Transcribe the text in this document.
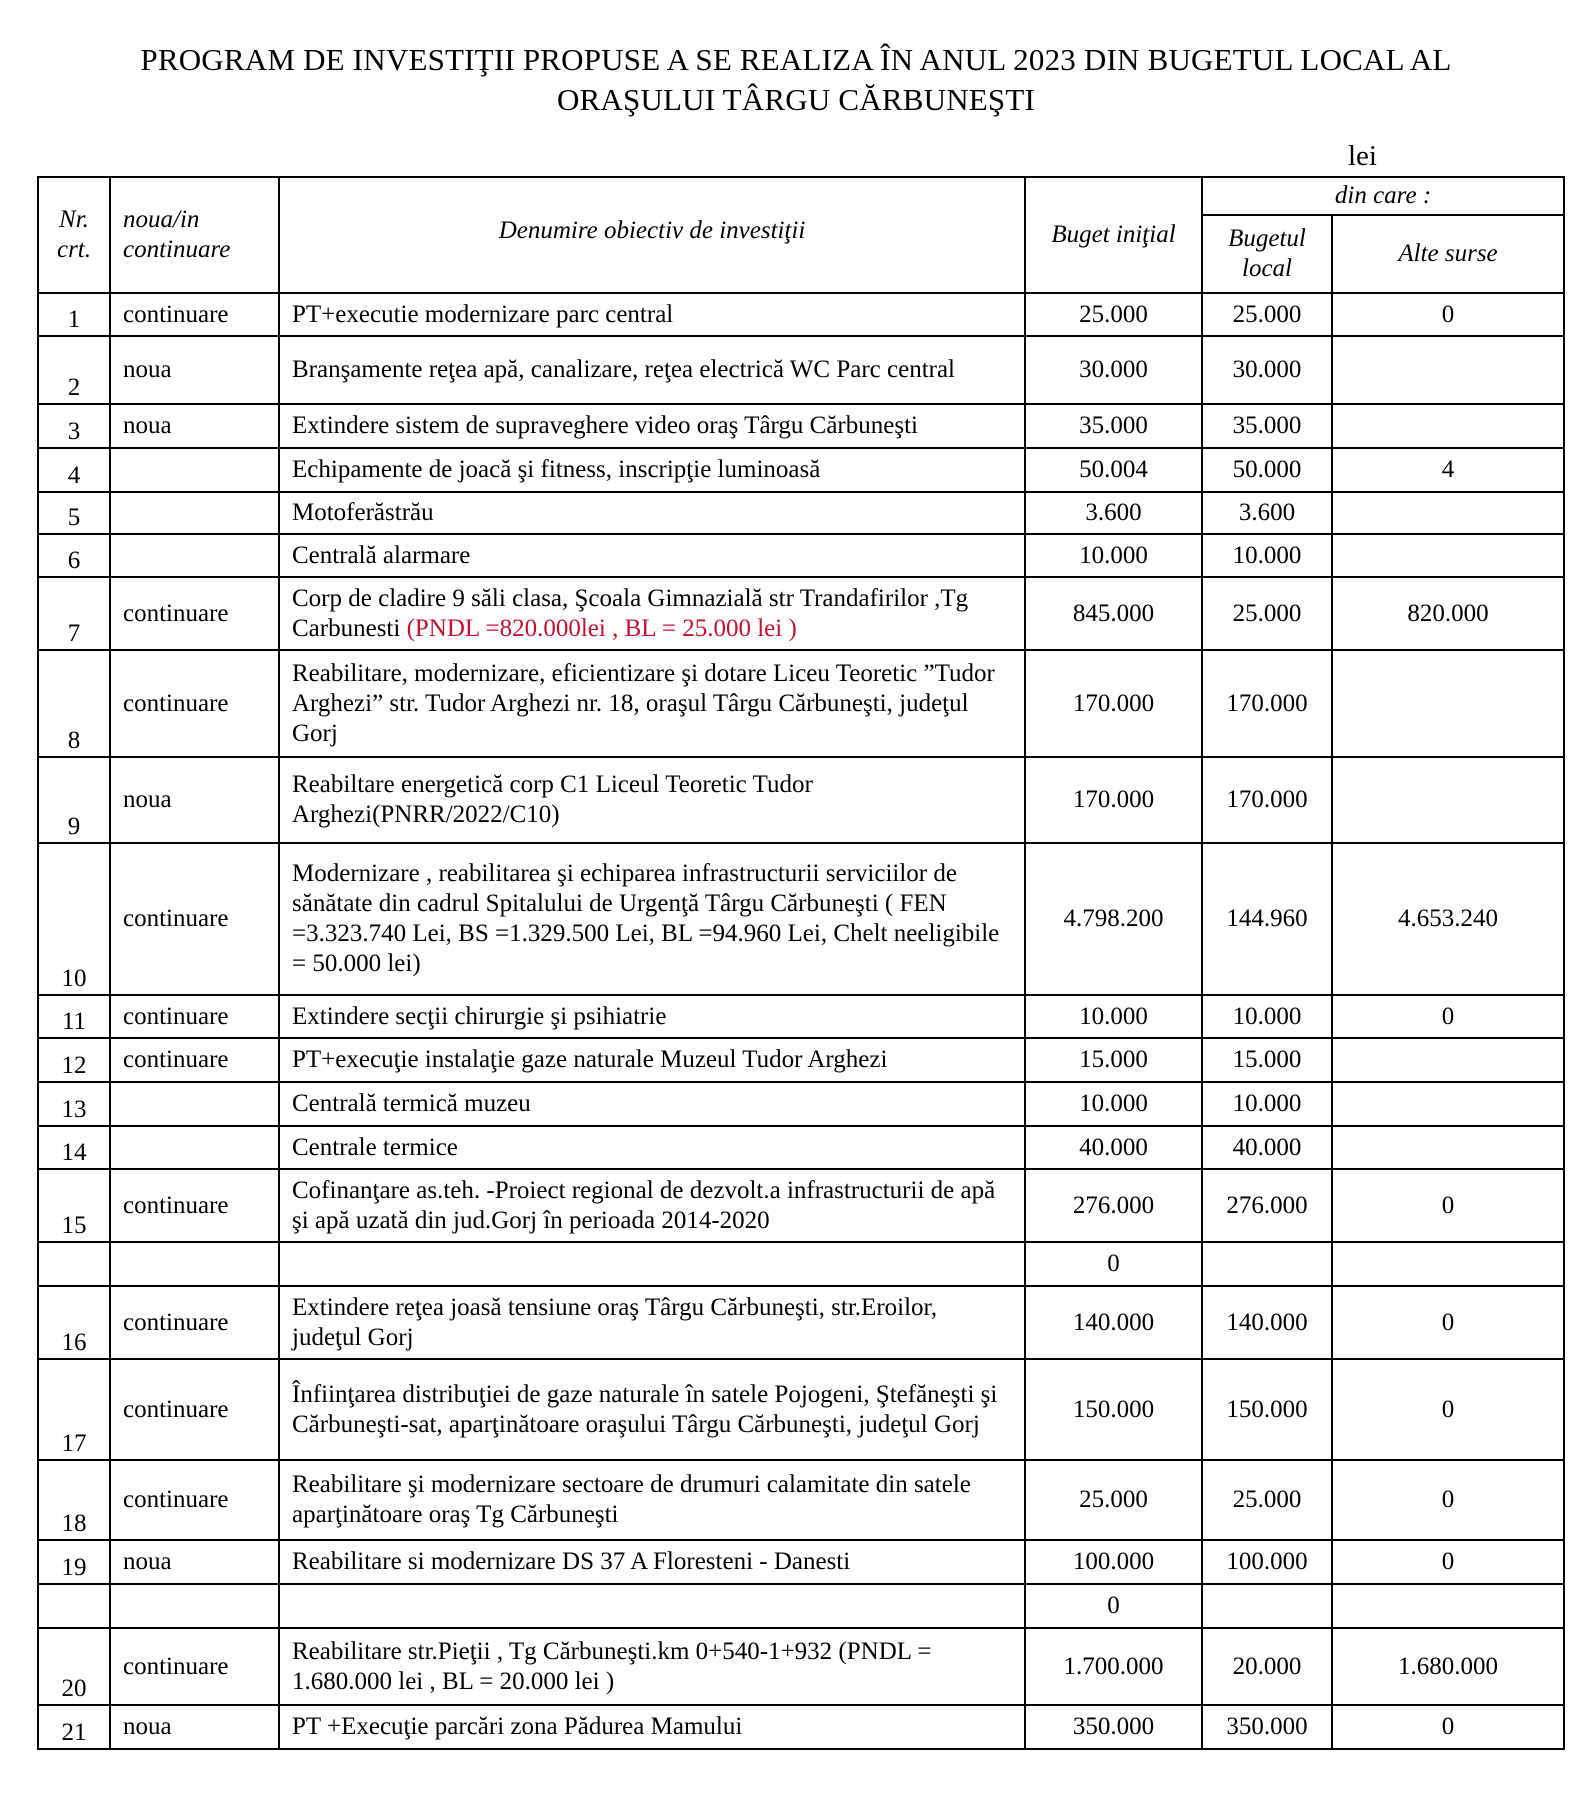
PROGRAM DE INVESTIŢII PROPUSE A SE REALIZA ÎN ANUL 2023 DIN BUGETUL LOCAL AL
ORAŞULUI TÂRGU CĂRBUNEŞTI
lei
Nr. crt.	noua/in continuare	Denumire obiectiv de investiţii	Buget iniţial	din care :	
				Bugetul local	Alte surse
1	continuare	PT+executie modernizare parc central	25.000	25.000	0
2	noua	Branşamente reţea apă, canalizare, reţea electrică WC Parc central	30.000	30.000	
3	noua	Extindere sistem de supraveghere video oraş Târgu Cărbuneşti	35.000	35.000	
4		Echipamente de joacă şi fitness, inscripţie luminoasă	50.004	50.000	4
5		Motoferăstrău	3.600	3.600	
6		Centrală alarmare	10.000	10.000	
7	continuare	Corp de cladire 9 săli clasa, Şcoala Gimnazială str Trandafirilor ,Tg Carbunesti (PNDL =820.000lei , BL = 25.000 lei )	845.000	25.000	820.000
8	continuare	Reabilitare, modernizare, eficientizare şi dotare Liceu Teoretic ”Tudor Arghezi” str. Tudor Arghezi nr. 18, oraşul Târgu Cărbuneşti, judeţul Gorj	170.000	170.000	
9	noua	Reabiltare energetică corp C1 Liceul Teoretic Tudor Arghezi(PNRR/2022/C10)	170.000	170.000	
10	continuare	Modernizare , reabilitarea şi echiparea infrastructurii serviciilor de sănătate din cadrul Spitalului de Urgenţă Târgu Cărbuneşti ( FEN =3.323.740 Lei, BS =1.329.500 Lei, BL =94.960 Lei, Chelt neeligibile = 50.000 lei)	4.798.200	144.960	4.653.240
11	continuare	Extindere secţii chirurgie şi psihiatrie	10.000	10.000	0
12	continuare	PT+execuţie instalaţie gaze naturale Muzeul Tudor Arghezi	15.000	15.000	
13		Centrală termică muzeu	10.000	10.000	
14		Centrale termice	40.000	40.000	
15	continuare	Cofinanţare as.teh. -Proiect regional de dezvolt.a infrastructurii de apă şi apă uzată din jud.Gorj în perioada 2014-2020	276.000	276.000	0
			0		
16	continuare	Extindere reţea joasă tensiune oraş Târgu Cărbuneşti, str.Eroilor, judeţul Gorj	140.000	140.000	0
17	continuare	Înfiinţarea distribuţiei de gaze naturale în satele Pojogeni, Ştefăneşti şi Cărbuneşti-sat, aparţinătoare oraşului Târgu Cărbuneşti, judeţul Gorj	150.000	150.000	0
18	continuare	Reabilitare şi modernizare sectoare de drumuri calamitate din satele aparţinătoare oraş Tg Cărbuneşti	25.000	25.000	0
19	noua	Reabilitare si modernizare DS 37 A Floresteni - Danesti	100.000	100.000	0
			0		
20	continuare	Reabilitare str.Pieţii , Tg Cărbuneşti.km 0+540-1+932 (PNDL = 1.680.000 lei , BL = 20.000 lei )	1.700.000	20.000	1.680.000
21	noua	PT +Execuţie parcări zona Pădurea Mamului	350.000	350.000	0
